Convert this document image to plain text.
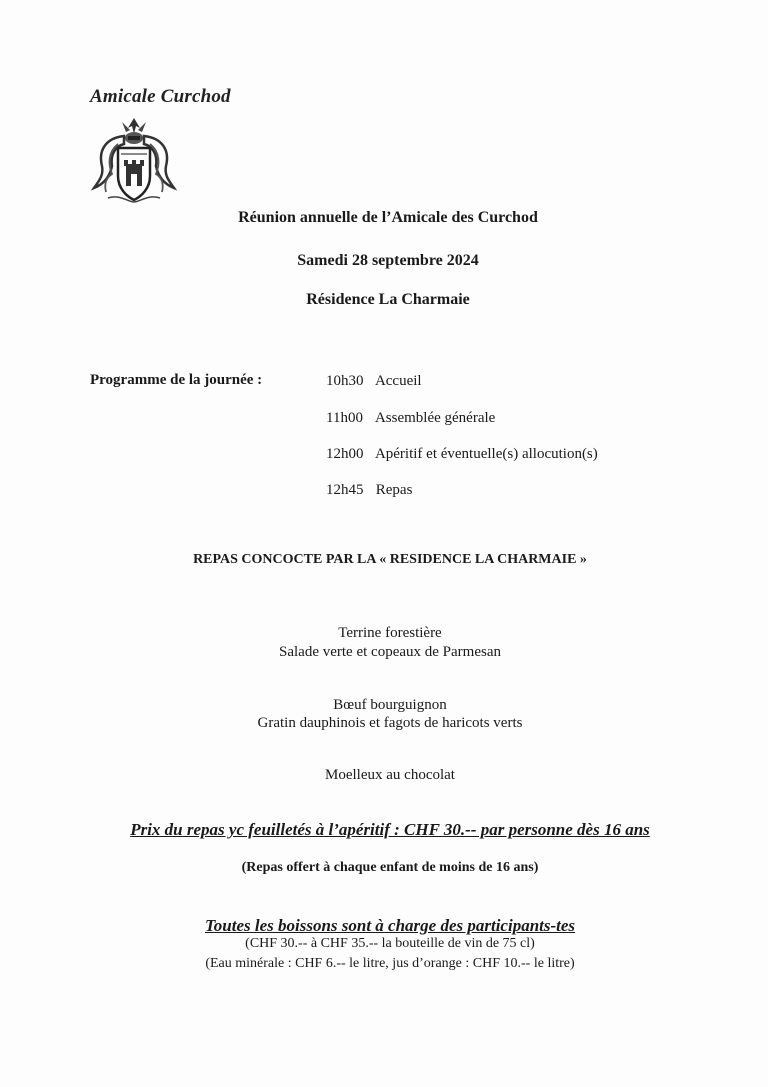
Amicale Curchod
Réunion annuelle de l’Amicale des Curchod
Samedi 28 septembre 2024
Résidence La Charmaie
Programme de la journée :	10h30 Accueil
11h00 Assemblée générale
12h00 Apéritif et éventuelle(s) allocution(s)
12h45 Repas
REPAS CONCOCTE PAR LA « RESIDENCE LA CHARMAIE »
Terrine forestière
Salade verte et copeaux de Parmesan
Bœuf bourguignon
Gratin dauphinois et fagots de haricots verts
Moelleux au chocolat
Prix du repas yc feuilletés à l’apéritif : CHF 30.-- par personne dès 16 ans
(Repas offert à chaque enfant de moins de 16 ans)
Toutes les boissons sont à charge des participants-tes
(CHF 30.-- à CHF 35.-- la bouteille de vin de 75 cl)
(Eau minérale : CHF 6.-- le litre, jus d’orange : CHF 10.-- le litre)
